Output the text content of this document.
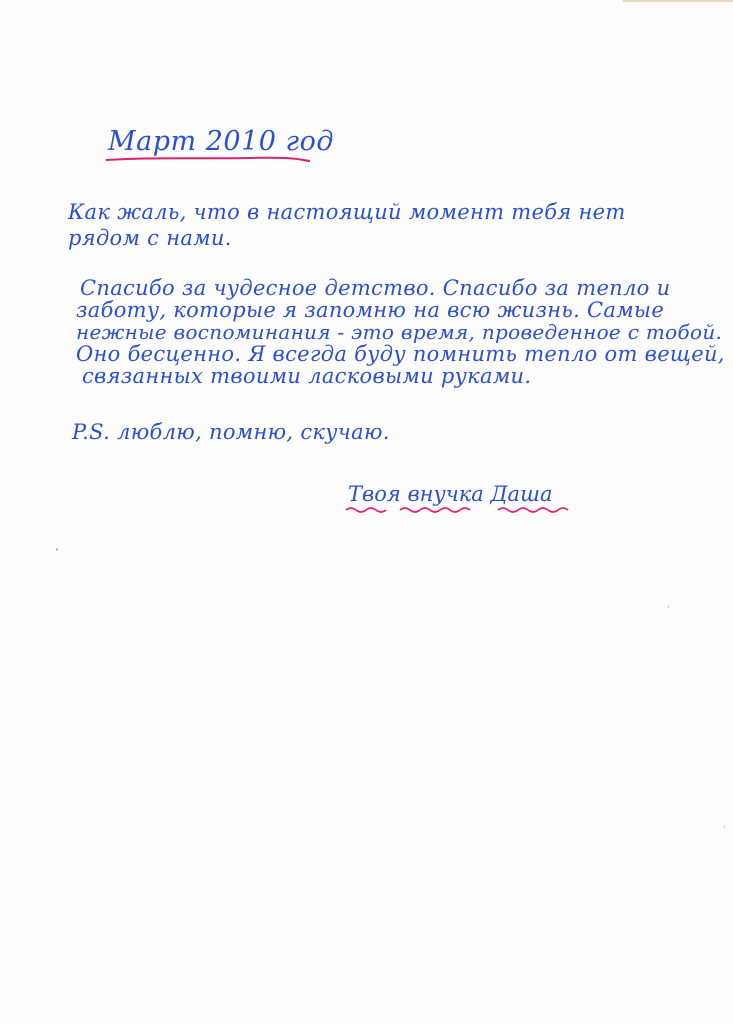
Март 2010 год
Как жаль, что в настоящий момент тебя нет
рядом с нами.
Спасибо за чудесное детство. Спасибо за тепло и
заботу, которые я запомню на всю жизнь. Самые
нежные воспоминания - это время, проведенное с тобой.
Оно бесценно. Я всегда буду помнить тепло от вещей,
связанных твоими ласковыми руками.
P.S. люблю, помню, скучаю.
Твоя внучка Даша
